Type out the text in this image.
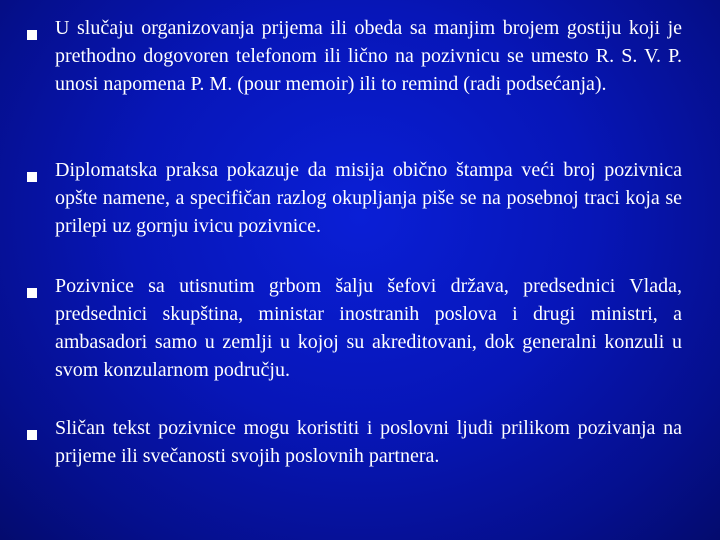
U slučaju organizovanja prijema ili obeda sa manjim brojem gostiju koji je prethodno dogovoren telefonom ili lično na pozivnicu se umesto R. S. V. P. unosi napomena P. M. (pour memoir) ili to remind (radi podsećanja).

Diplomatska praksa pokazuje da misija obično štampa veći broj pozivnica opšte namene, a specifičan razlog okupljanja piše se na posebnoj traci koja se prilepi uz gornju ivicu pozivnice.

Pozivnice sa utisnutim grbom šalju šefovi država, predsednici Vlada, predsednici skupština, ministar inostranih poslova i drugi ministri, a ambasadori samo u zemlji u kojoj su akreditovani, dok generalni konzuli u svom konzularnom području.

Sličan tekst pozivnice mogu koristiti i poslovni ljudi prilikom pozivanja na prijeme ili svečanosti svojih poslovnih partnera.
